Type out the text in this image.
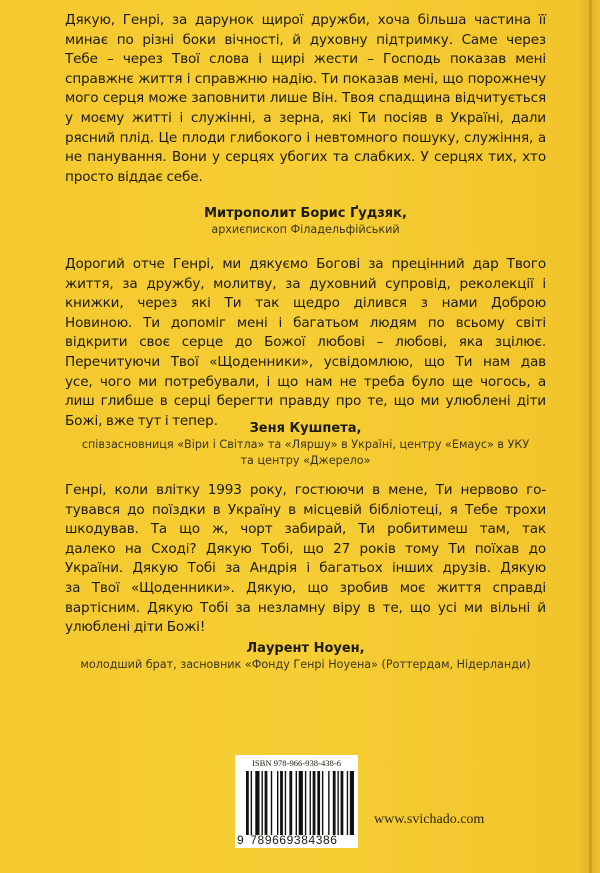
Дякую, Генрі, за дарунок щирої дружби, хоча більша частина її
минає по різні боки вічності, й духовну підтримку. Саме через
Тебе – через Твої слова і щирі жести – Господь показав мені
справжнє життя і справжню надію. Ти показав мені, що порожнечу
мого серця може заповнити лише Він. Твоя спадщина відчитується
у моєму житті і служінні, а зерна, які Ти посіяв в Україні, дали
рясний плід. Це плоди глибокого і невтомного пошуку, служіння, а
не панування. Вони у серцях убогих та слабких. У серцях тих, хто
просто віддає себе.
Митрополит Борис Ґудзяк,
архиєпископ Філадельфійський
Дорогий отче Генрі, ми дякуємо Богові за прецінний дар Твого
життя, за дружбу, молитву, за духовний супровід, реколекції і
книжки, через які Ти так щедро ділився з нами Доброю
Новиною. Ти допоміг мені і багатьом людям по всьому світі
відкрити своє серце до Божої любові – любові, яка зцілює.
Перечитуючи Твої «Щоденники», усвідомлюю, що Ти нам дав
усе, чого ми потребували, і що нам не треба було ще чогось, а
лиш глибше в серці берегти правду про те, що ми улюблені діти
Божі, вже тут і тепер.	Зеня Кушпета,
співзасновниця «Віри і Світла» та «Ляршу» в Україні, центру «Емаус» в УКУ
та центру «Джерело»
Генрі, коли влітку 1993 року, гостюючи в мене, Ти нервово го-
тувався до поїздки в Україну в місцевій бібліотеці, я Тебе трохи
шкодував. Та що ж, чорт забирай, Ти робитимеш там, так
далеко на Сході? Дякую Тобі, що 27 років тому Ти поїхав до
України. Дякую Тобі за Андрія і багатьох інших друзів. Дякую
за Твої «Щоденники». Дякую, що зробив моє життя справді
вартісним. Дякую Тобі за незламну віру в те, що усі ми вільні й
улюблені діти Божі!
Лаурент Ноуен,
молодший брат, засновник «Фонду Генрі Ноуена» (Роттердам, Нідерланди)
ISBN 978-966-938-438-6
9 789669384386
www.svichado.com
